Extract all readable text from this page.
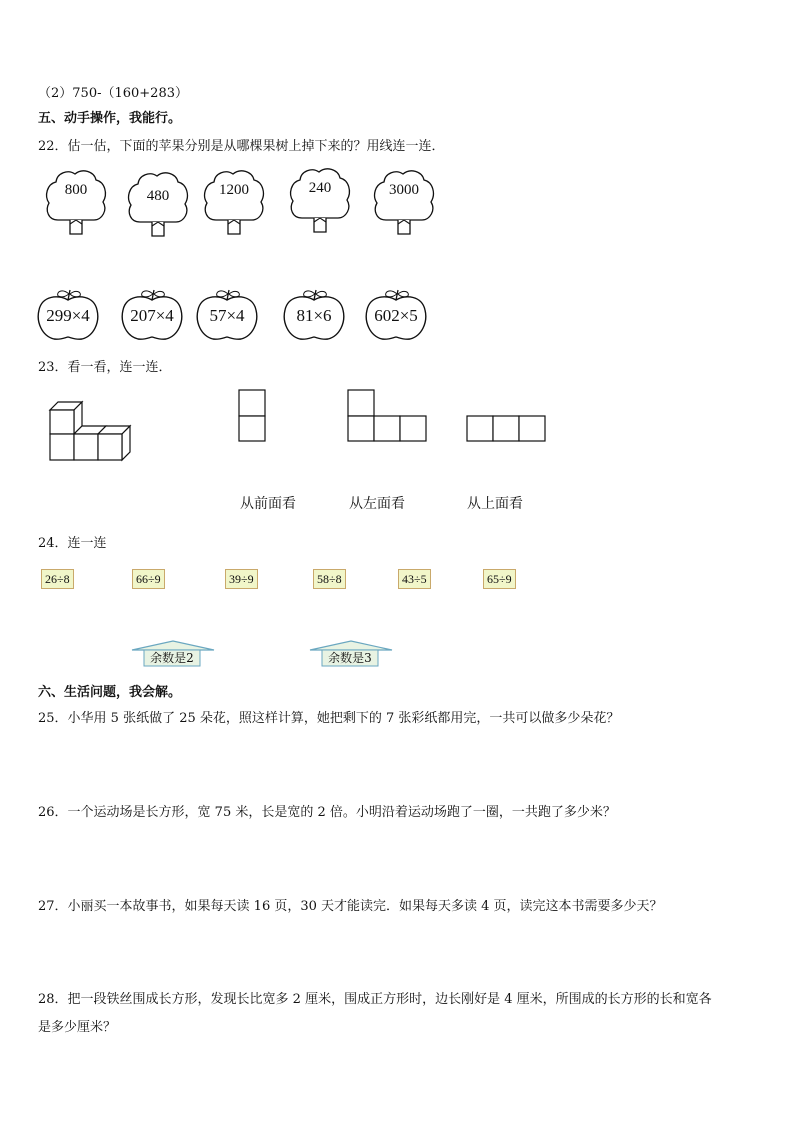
（2）750-（160+283）
五、动手操作，我能行。
22．估一估，下面的苹果分别是从哪棵果树上掉下来的？用线连一连．
800	480	1200	240	3000
299×4	207×4	57×4	81×6	602×5
23．看一看，连一连．
从前面看	从左面看	从上面看
24．连一连
26÷8	66÷9	39÷9	58÷8	43÷5	65÷9
余数是2	余数是3
六、生活问题，我会解。
25．小华用 5 张纸做了 25 朵花，照这样计算，她把剩下的 7 张彩纸都用完，一共可以做多少朵花？
26．一个运动场是长方形，宽 75 米，长是宽的 2 倍。小明沿着运动场跑了一圈，一共跑了多少米？
27．小丽买一本故事书，如果每天读 16 页，30 天才能读完．如果每天多读 4 页，读完这本书需要多少天？
28．把一段铁丝围成长方形，发现长比宽多 2 厘米，围成正方形时，边长刚好是 4 厘米，所围成的长方形的长和宽各
是多少厘米？
